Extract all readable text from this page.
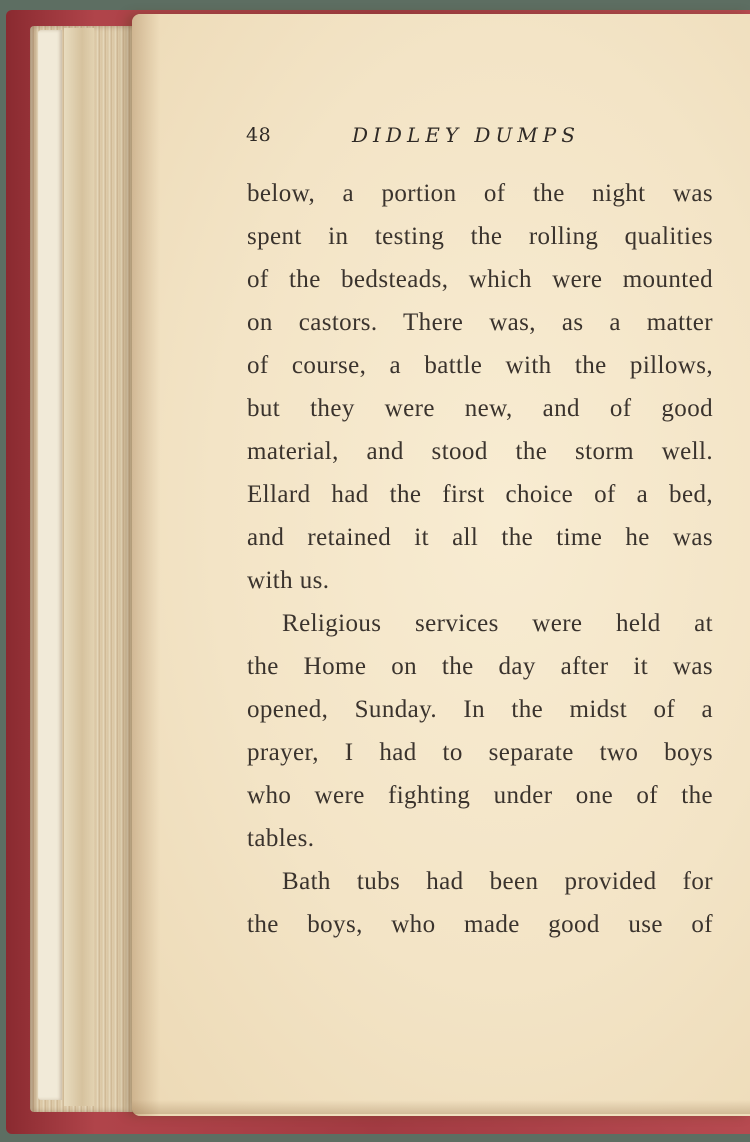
48	DIDLEY DUMPS
below, a portion of the night was
spent in testing the rolling qualities
of the bedsteads, which were mounted
on castors. There was, as a matter
of course, a battle with the pillows,
but they were new, and of good
material, and stood the storm well.
Ellard had the first choice of a bed,
and retained it all the time he was
with us.
Religious services were held at
the Home on the day after it was
opened, Sunday. In the midst of a
prayer, I had to separate two boys
who were fighting under one of the
tables.
Bath tubs had been provided for
the boys, who made good use of
